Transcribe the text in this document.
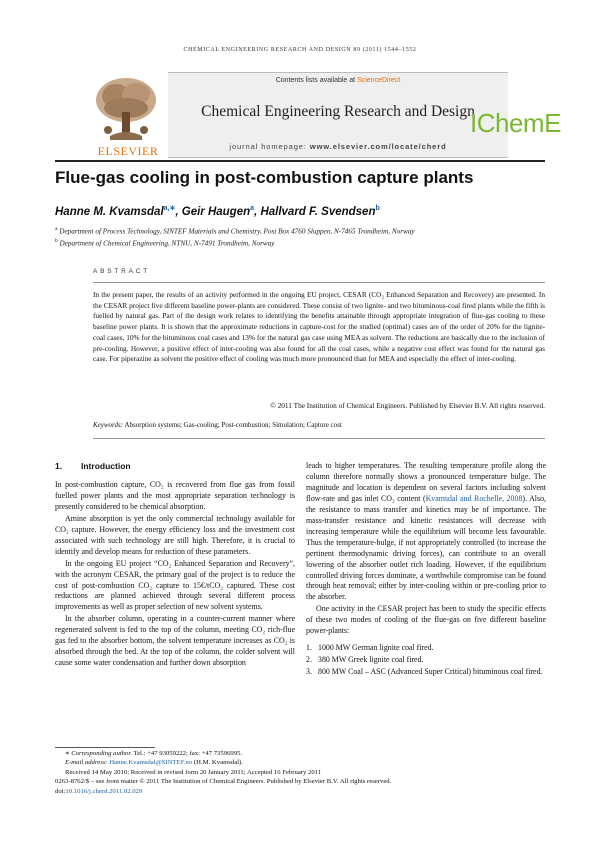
CHEMICAL ENGINEERING RESEARCH AND DESIGN 89 (2011) 1544–1552
ELSEVIER
Contents lists available at ScienceDirect
Chemical Engineering Research and Design
journal homepage: www.elsevier.com/locate/cherd
IChemE
Flue-gas cooling in post-combustion capture plants
Hanne M. Kvamsdal$^{a,∗}$, Geir Haugen$^a$, Hallvard F. Svendsen$^b$
$^a$ Department of Process Technology, SINTEF Materials and Chemistry, Post Box 4760 Sluppen, N-7465 Trondheim, Norway
$^b$ Department of Chemical Engineering, NTNU, N-7491 Trondheim, Norway
ABSTRACT
In the present paper, the results of an activity performed in the ongoing EU project, CESAR (CO₂ Enhanced Separation and Recovery) are presented. In the CESAR project five different baseline power-plants are considered. These consist of two lignite- and two bituminous-coal fired plants while the fifth is fuelled by natural gas. Part of the design work relates to identifying the benefits attainable through appropriate integration of flue-gas cooling to these baseline power plants. It is shown that the approximate reductions in capture-cost for the studied (optimal) cases are of the order of 20% for the lignite-coal cases, 10% for the bituminous coal cases and 13% for the natural gas case using MEA as solvent. The reductions are basically due to the inclusion of pre-cooling. However, a positive effect of inter-cooling was also found for all the coal cases, while a negative cost effect was found for the natural gas case. For piperazine as solvent the positive effect of cooling was much more pronounced than for MEA and especially the effect of inter-cooling.
© 2011 The Institution of Chemical Engineers. Published by Elsevier B.V. All rights reserved.
Keywords: Absorption systems; Gas-cooling; Post-combustion; Simulation; Capture cost
1. Introduction

In post-combustion capture, CO₂ is recovered from flue gas from fossil fuelled power plants and the most appropriate separation technology is presently considered to be chemical absorption.

Amine absorption is yet the only commercial technology available for CO₂ capture. However, the energy efficiency loss and the investment cost associated with such technology are still high. Therefore, it is crucial to identify and develop means for reduction of these parameters.

In the ongoing EU project “CO₂ Enhanced Separation and Recovery”, with the acronym CESAR, the primary goal of the project is to reduce the cost of post-combustion CO₂ capture to 15€/tCO₂ captured. These cost reductions are planned achieved through several different process improvements as well as proper selection of new solvent systems.

In the absorber column, operating in a counter-current manner where regenerated solvent is fed to the top of the column, meeting CO₂ rich-flue gas fed to the absorber bottom, the solvent temperature increases as CO₂ is absorbed through the bed. At the top of the column, the colder solvent will cause some water condensation and further down absorption

leads to higher temperatures. The resulting temperature profile along the column therefore normally shows a pronounced temperature bulge. The magnitude and location is dependent on several factors including solvent flow-rate and gas inlet CO₂ content (Kvamsdal and Rochelle, 2008). Also, the resistance to mass transfer and kinetics may be of importance. The mass-transfer resistance and kinetic resistances will decrease with increasing temperature while the equilibrium will become less favourable. Thus the temperature-bulge, if not appropriately controlled (to increase the pertinent thermodynamic driving forces), can contribute to an overall lowering of the absorber outlet rich loading. However, if the equilibrium controlled driving forces dominate, a worthwhile compromise can be found through heat removal; either by inter-cooling within or pre-cooling prior to the absorber.

One activity in the CESAR project has been to study the specific effects of these two modes of cooling of the flue-gas on five different baseline power-plants:

1. 1000 MW German lignite coal fired.
2. 380 MW Greek lignite coal fired.
3. 800 MW Coal – ASC (Advanced Super Critical) bituminous coal fired.
∗ Corresponding author. Tel.: +47 93059222; fax: +47 73596995.
E-mail address: Hanne.Kvamsdal@SINTEF.no (H.M. Kvamsdal).
Received 14 May 2010; Received in revised form 20 January 2011; Accepted 16 February 2011
0263-8762/$ – see front matter © 2011 The Institution of Chemical Engineers. Published by Elsevier B.V. All rights reserved.
doi:10.1016/j.cherd.2011.02.029
